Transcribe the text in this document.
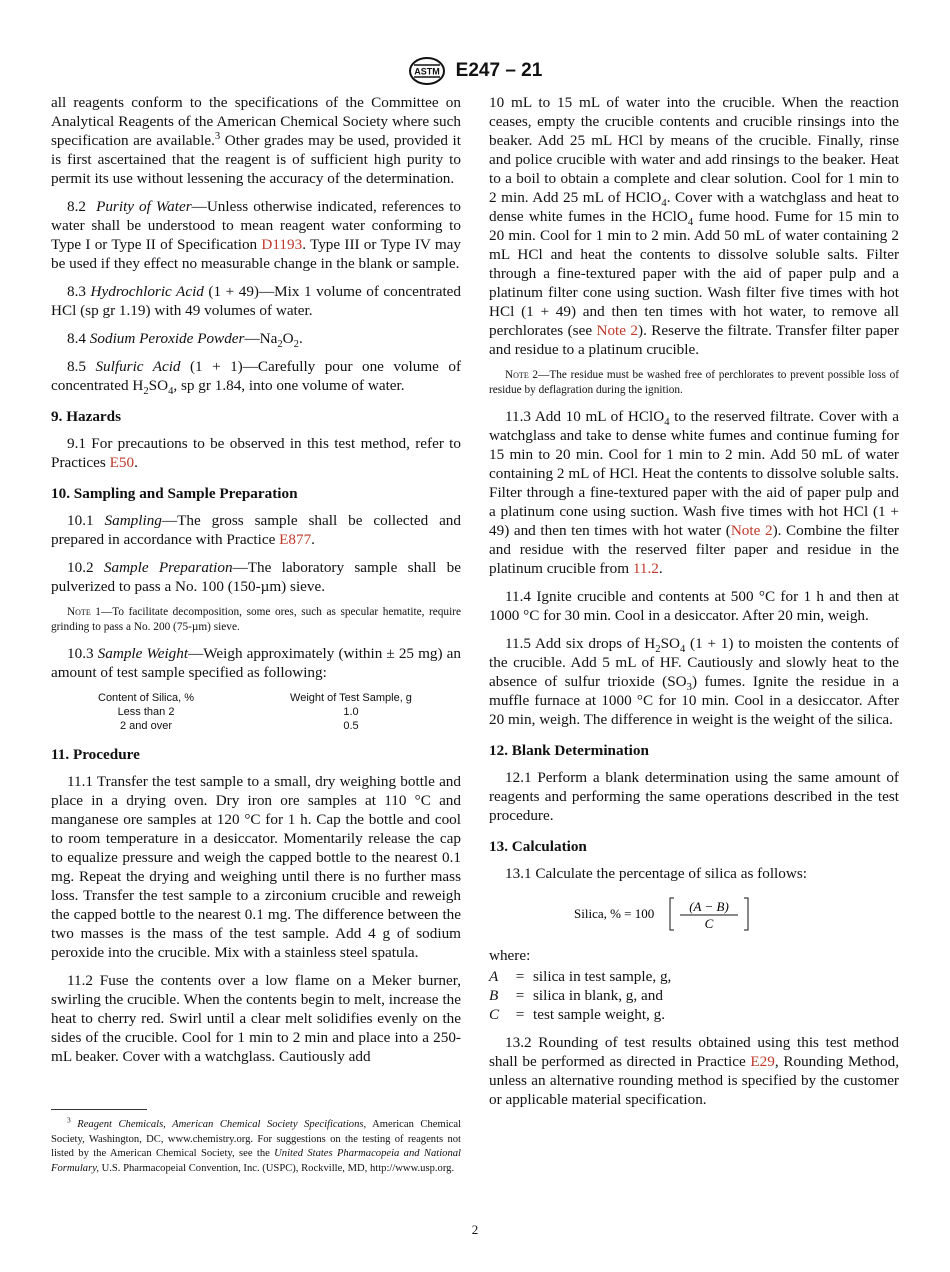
ASTM E247 – 21

all reagents conform to the specifications of the Committee on Analytical Reagents of the American Chemical Society where such specification are available.$^3$ Other grades may be used, provided it is first ascertained that the reagent is of sufficient high purity to permit its use without lessening the accuracy of the determination.

8.2 Purity of Water—Unless otherwise indicated, references to water shall be understood to mean reagent water conforming to Type I or Type II of Specification D1193. Type III or Type IV may be used if they effect no measurable change in the blank or sample.

8.3 Hydrochloric Acid (1 + 49)—Mix 1 volume of concentrated HCl (sp gr 1.19) with 49 volumes of water.

8.4 Sodium Peroxide $Powder—Na_2O_2$.

8.5 Sulfuric Acid (1 + 1)—Carefully pour one volume of concentrated $H_2SO_4$, sp gr 1.84, into one volume of water.

9. Hazards

9.1 For precautions to be observed in this test method, refer to Practices E50.

10. Sampling and Sample Preparation

10.1 Sampling—The gross sample shall be collected and prepared in accordance with Practice E877.

10.2 Sample Preparation—The laboratory sample shall be pulverized to pass a No. 100 (150-µm) sieve.

Note 1—To facilitate decomposition, some ores, such as specular hematite, require grinding to pass a No. 200 (75-µm) sieve.

10.3 Sample Weight—Weigh approximately (within ± 25 mg) an amount of test sample specified as following:

Content of Silica, %	Weight of Test Sample, g
Less than 2	1.0
2 and over	0.5
11. Procedure

11.1 Transfer the test sample to a small, dry weighing bottle and place in a drying oven. Dry iron ore samples at 110 °C and manganese ore samples at 120 °C for 1 h. Cap the bottle and cool to room temperature in a desiccator. Momentarily release the cap to equalize pressure and weigh the capped bottle to the nearest 0.1 mg. Repeat the drying and weighing until there is no further mass loss. Transfer the test sample to a zirconium crucible and reweigh the capped bottle to the nearest 0.1 mg. The difference between the two masses is the mass of the test sample. Add 4 g of sodium peroxide into the crucible. Mix with a stainless steel spatula.

11.2 Fuse the contents over a low flame on a Meker burner, swirling the crucible. When the contents begin to melt, increase the heat to cherry red. Swirl until a clear melt solidifies evenly on the sides of the crucible. Cool for 1 min to 2 min and place into a 250-mL beaker. Cover with a watchglass. Cautiously add

$^3$ Reagent Chemicals, American Chemical Society Specifications, American Chemical Society, Washington, DC, www.chemistry.org. For suggestions on the testing of reagents not listed by the American Chemical Society, see the United States Pharmacopeia and National Formulary, U.S. Pharmacopeial Convention, Inc. (USPC), Rockville, MD, http://www.usp.org.

10 mL to 15 mL of water into the crucible. When the reaction ceases, empty the crucible contents and crucible rinsings into the beaker. Add 25 mL HCl by means of the crucible. Finally, rinse and police crucible with water and add rinsings to the beaker. Heat to a boil to obtain a complete and clear solution. Cool for 1 min to 2 min. Add 25 mL of HClO$_4$. Cover with a watchglass and heat to dense white fumes in the HClO$_4$ fume hood. Fume for 15 min to 20 min. Cool for 1 min to 2 min. Add 50 mL of water containing 2 mL HCl and heat the contents to dissolve soluble salts. Filter through a fine-textured paper with the aid of paper pulp and a platinum filter cone using suction. Wash filter five times with hot HCl (1 + 49) and then ten times with hot water, to remove all perchlorates (see Note 2). Reserve the filtrate. Transfer filter paper and residue to a platinum crucible.

Note 2—The residue must be washed free of perchlorates to prevent possible loss of residue by deflagration during the ignition.

11.3 Add 10 mL of HClO$_4$ to the reserved filtrate. Cover with a watchglass and take to dense white fumes and continue fuming for 15 min to 20 min. Cool for 1 min to 2 min. Add 50 mL of water containing 2 mL of HCl. Heat the contents to dissolve soluble salts. Filter through a fine-textured paper with the aid of paper pulp and a platinum cone using suction. Wash five times with hot HCl (1 + 49) and then ten times with hot water (Note 2). Combine the filter and residue with the reserved filter paper and residue in the platinum crucible from 11.2.

11.4 Ignite crucible and contents at 500 °C for 1 h and then at 1000 °C for 30 min. Cool in a desiccator. After 20 min, weigh.

11.5 Add six drops of $H_2SO_4$ (1 + 1) to moisten the contents of the crucible. Add 5 mL of HF. Cautiously and slowly heat to the absence of sulfur trioxide $(SO_3)$ fumes. Ignite the residue in a muffle furnace at 1000 °C for 10 min. Cool in a desiccator. After 20 min, weigh. The difference in weight is the weight of the silica.

12. Blank Determination

12.1 Perform a blank determination using the same amount of reagents and performing the same operations described in the test procedure.

13. Calculation

13.1 Calculate the percentage of silica as follows:

Silica, % = 100	(A − B)
C

where:

A	= silica in test sample, g,
B	= silica in blank, g, and
C	= test sample weight, g.

13.2 Rounding of test results obtained using this test method shall be performed as directed in Practice E29, Rounding Method, unless an alternative rounding method is specified by the customer or applicable material specification.

2
